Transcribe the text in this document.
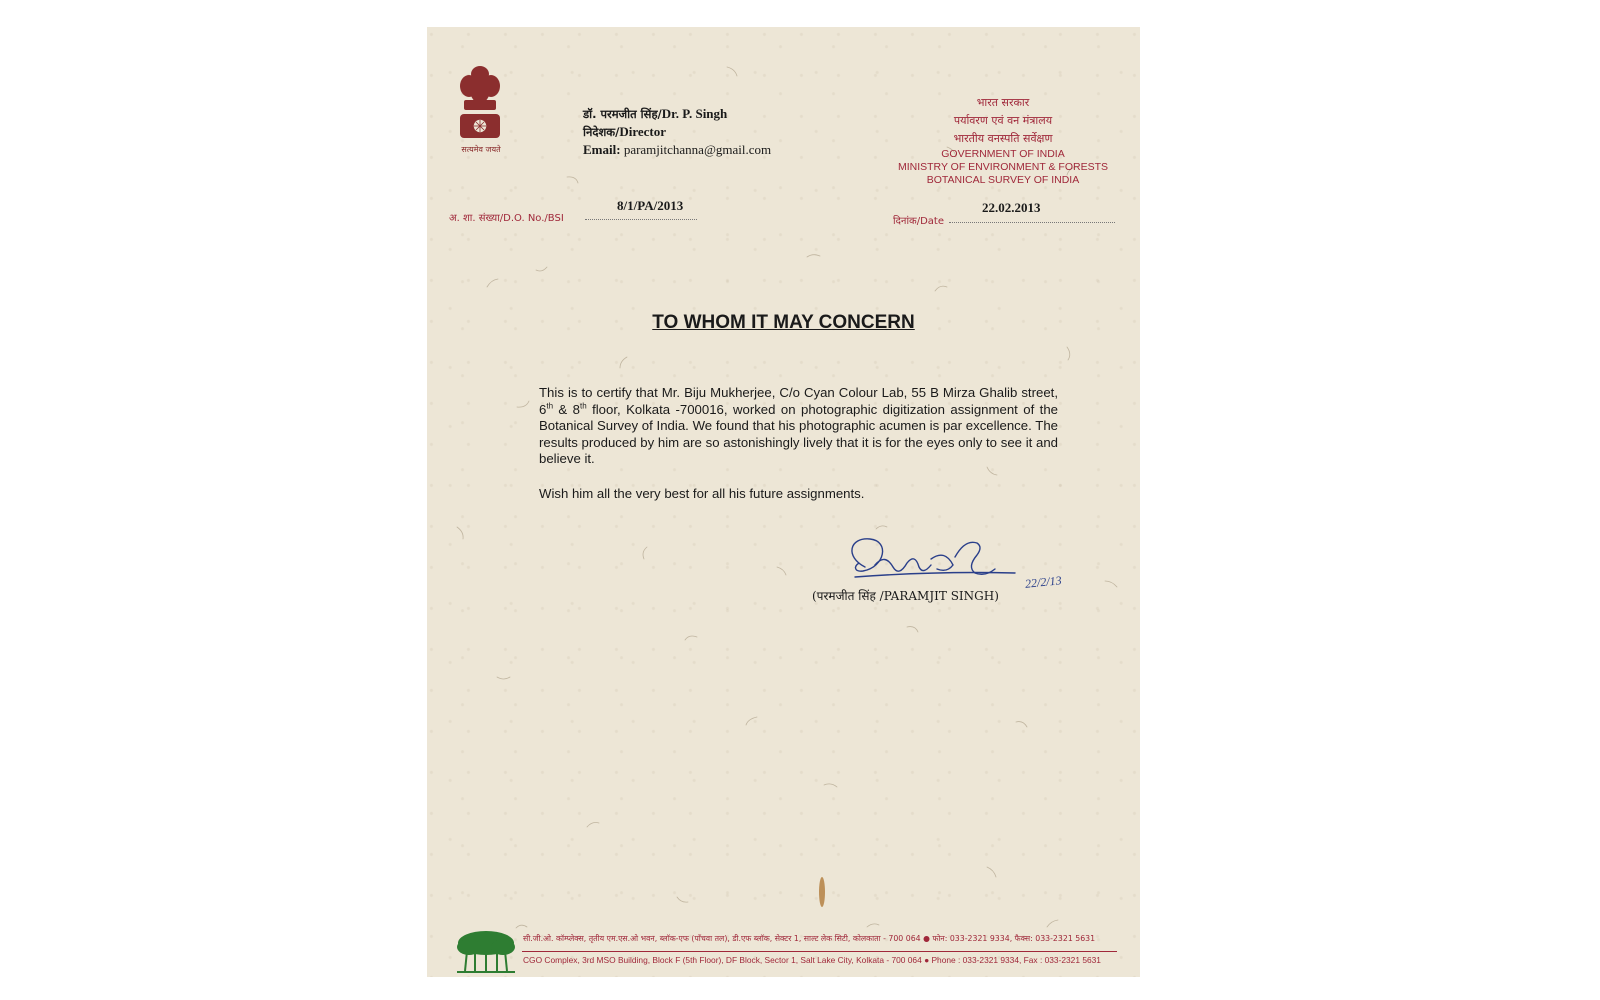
सत्यमेव जयते
डॉ. परमजीत सिंह/Dr. P. Singh
निदेशक/Director
Email: paramjitchanna@gmail.com
भारत सरकार
पर्यावरण एवं वन मंत्रालय
भारतीय वनस्पति सर्वेक्षण
GOVERNMENT OF INDIA
MINISTRY OF ENVIRONMENT & FORESTS
BOTANICAL SURVEY OF INDIA
अ. शा. संख्या/D.O. No./BSI
8/1/PA/2013
दिनांक/Date
22.02.2013
TO WHOM IT MAY CONCERN
This is to certify that Mr. Biju Mukherjee, C/o Cyan Colour Lab, 55 B Mirza Ghalib street, 6th & 8th floor, Kolkata -700016, worked on photographic digitization assignment of the Botanical Survey of India. We found that his photographic acumen is par excellence. The results produced by him are so astonishingly lively that it is for the eyes only to see it and believe it.
Wish him all the very best for all his future assignments.
22/2/13
(परमजीत सिंह /PARAMJIT SINGH)
सी.जी.ओ. कॉम्प्लेक्स, तृतीय एम.एस.ओ भवन, ब्लॉक-एफ (पाँचवा तल), डी.एफ ब्लॉक, सेक्टर 1, साल्ट लेक सिटी, कोलकाता - 700 064 ● फोन: 033-2321 9334, फैक्स: 033-2321 5631
CGO Complex, 3rd MSO Building, Block F (5th Floor), DF Block, Sector 1, Salt Lake City, Kolkata - 700 064 ● Phone : 033-2321 9334, Fax : 033-2321 5631
